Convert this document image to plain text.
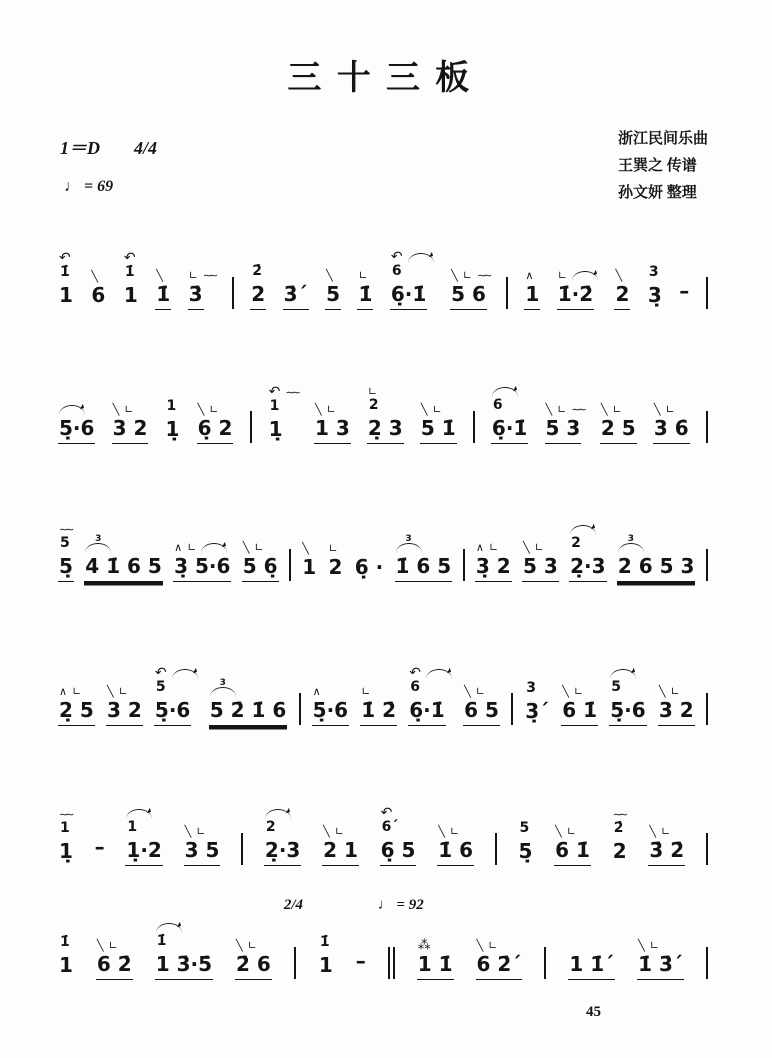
三十三板
1＝D 4/4
♩ = 69
浙江民间乐曲
王巽之 传谱
孙文妍 整理
↶
1̇
1
╲
6
↶
1̇
1
╲
1̇
∟ ∼∼
3̇
2̇
2 3̇ˊ
╲
5
∟
1̇
↶
6
6̣·1̇
╲ ∟ ∼∼
5 6
∧
1
∟
1̇·2̇
╲
2
3
3̣ –
5̣·6
╲ ∟
3 2
1
1̣
╲ ∟
6̣ 2
↶ ∼∼
1
1̣
╲ ∟
1 3
∟
2
2̣ 3
╲ ∟
5 1̇
6
6̣·1̇
╲ ∟ ∼∼
5 3
╲ ∟
2 5
╲ ∟
3 6̇
∼∼
5
5̣
3
4 1̇ 6 5
∧ ∟
3̣ 5·6
╲ ∟
5 6̣
╲
1
∟
2 6̣ ·
3
1̇ 6 5
∧ ∟
3̣ 2
╲ ∟
5 3
2
2̣·3
3
2 6 5 3
∧ ∟
2̣ 5
╲ ∟
3 2
↶
5
5̣·6
3
5 2̇ 1̇ 6
∧
5̣·6
∟
1̇ 2̇
↶
6
6̣·1̇
╲ ∟
6 5
3
3̣ˊ
╲ ∟
6 1̇
5
5̣·6
╲ ∟
3 2
∼∼
1
1̣ –
1
1̣·2
╲ ∟
3 5
2
2̣·3
╲ ∟
2 1
↶
6ˊ
6̣ 5
╲ ∟
1̇ 6
5
5̣
╲ ∟
6 1̇
∼∼
2̇
2
╲ ∟
3̇ 2̇
1̇
1
╲ ∟
6 2̇
1̇
1 3̇·5̇
╲ ∟
2̇ 6
2/4
1̇
1 –
♩ = 92
⁂
1 1̇
╲ ∟
6 2̇ˊ 1 1̇ˊ
╲ ∟
1̇ 3̇ˊ
45
